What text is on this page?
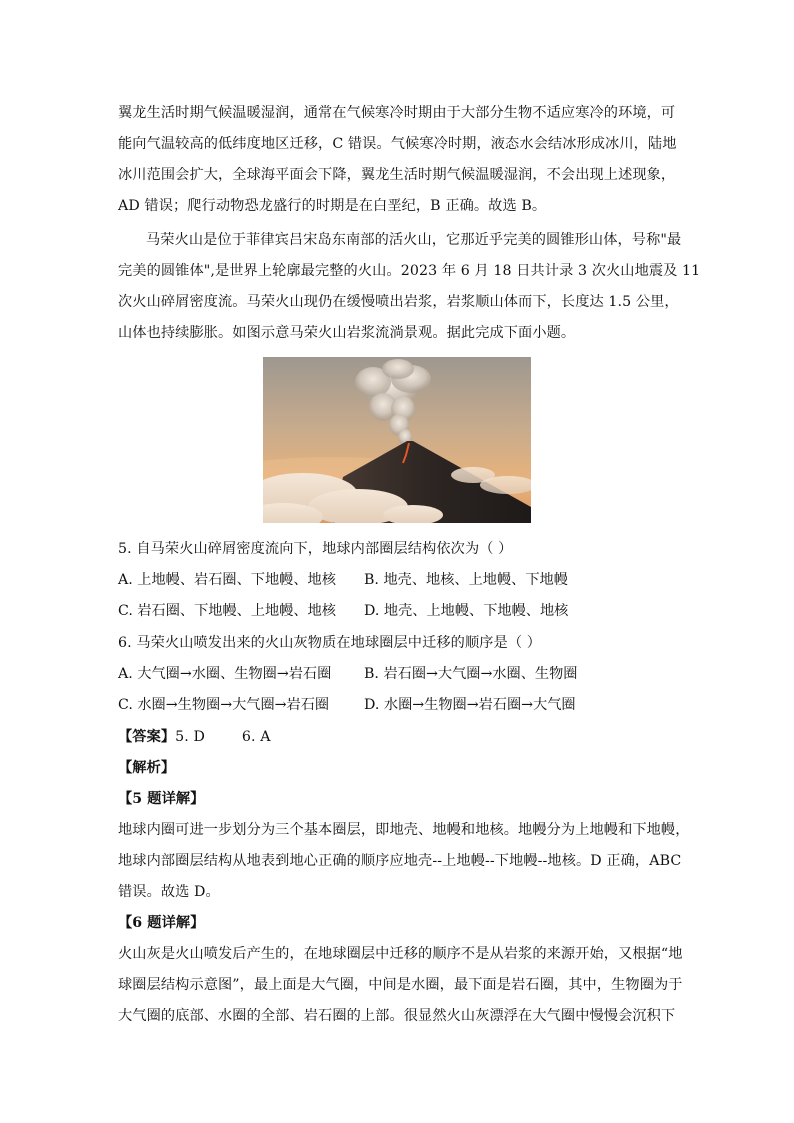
翼龙生活时期气候温暖湿润，通常在气候寒冷时期由于大部分生物不适应寒冷的环境，可
能向气温较高的低纬度地区迁移，C 错误。气候寒冷时期，液态水会结冰形成冰川，陆地
冰川范围会扩大，全球海平面会下降，翼龙生活时期气候温暖湿润，不会出现上述现象，
AD 错误；爬行动物恐龙盛行的时期是在白垩纪，B 正确。故选 B。
马荣火山是位于菲律宾吕宋岛东南部的活火山，它那近乎完美的圆锥形山体，号称"最
完美的圆锥体",是世界上轮廓最完整的火山。2023 年 6 月 18 日共计录 3 次火山地震及 11
次火山碎屑密度流。马荣火山现仍在缓慢喷出岩浆，岩浆顺山体而下，长度达 1.5 公里，
山体也持续膨胀。如图示意马荣火山岩浆流淌景观。据此完成下面小题。
5. 自马荣火山碎屑密度流向下，地球内部圈层结构依次为（ ）
A. 上地幔、岩石圈、下地幔、地核 B. 地壳、地核、上地幔、下地幔
C. 岩石圈、下地幔、上地幔、地核 D. 地壳、上地幔、下地幔、地核
6. 马荣火山喷发出来的火山灰物质在地球圈层中迁移的顺序是（ ）
A. 大气圈→水圈、生物圈→岩石圈 B. 岩石圈→大气圈→水圈、生物圈
C. 水圈→生物圈→大气圈→岩石圈 D. 水圈→生物圈→岩石圈→大气圈
【答案】5. D        6. A
【解析】
【5 题详解】
地球内圈可进一步划分为三个基本圈层，即地壳、地幔和地核。地幔分为上地幔和下地幔，
地球内部圈层结构从地表到地心正确的顺序应地壳--上地幔--下地幔--地核。D 正确，ABC
错误。故选 D。
【6 题详解】
火山灰是火山喷发后产生的，在地球圈层中迁移的顺序不是从岩浆的来源开始，又根据“地
球圈层结构示意图”，最上面是大气圈，中间是水圈，最下面是岩石圈，其中，生物圈为于
大气圈的底部、水圈的全部、岩石圈的上部。很显然火山灰漂浮在大气圈中慢慢会沉积下
